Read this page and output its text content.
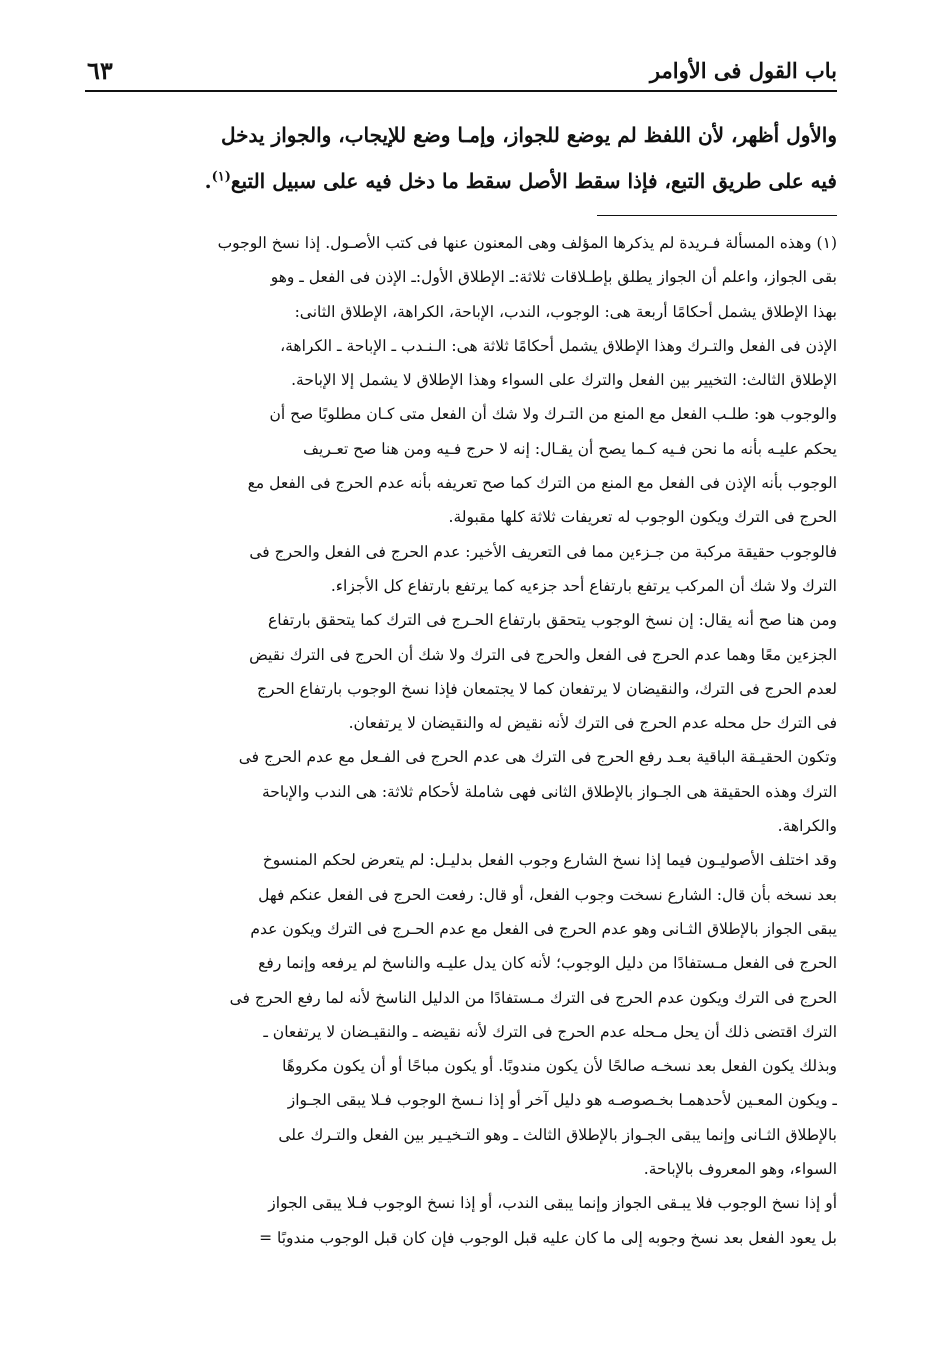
باب القول فى الأوامر
٦٣
والأول أظهر، لأن اللفظ لم يوضع للجواز، وإمـا وضع للإيجاب، والجواز يدخل
فيه على طريق التبع، فإذا سقط الأصل سقط ما دخل فيه على سبيل التبع$^{(١)}$.
(١) وهذه المسألة فـريدة لم يذكرها المؤلف وهى المعنون عنها فى كتب الأصـول. إذا نسخ الوجوب
بقى الجواز، واعلم أن الجواز يطلق بإطـلاقات ثلاثة:ـ الإطلاق الأول:ـ الإذن فى الفعل ـ وهو
بهذا الإطلاق يشمل أحكامًا أربعة هى: الوجوب، الندب، الإباحة، الكراهة، الإطلاق الثانى:
الإذن فى الفعل والتـرك وهذا الإطلاق يشمل أحكامًا ثلاثة هى: الـنـدب ـ الإباحة ـ الكراهة،
الإطلاق الثالث: التخيير بين الفعل والترك على السواء وهذا الإطلاق لا يشمل إلا الإباحة.
والوجوب هو: طلـب الفعل مع المنع من التـرك ولا شك أن الفعل متى كـان مطلوبًا صح أن
يحكم عليـه بأنه ما نحن فـيه كـما يصح أن يقـال: إنه لا حرج فـيه ومن هنا صح تعـريف
الوجوب بأنه الإذن فى الفعل مع المنع من الترك كما صح تعريفه بأنه عدم الحرج فى الفعل مع
الحرج فى الترك ويكون الوجوب له تعريفات ثلاثة كلها مقبولة.
فالوجوب حقيقة مركبة من جـزءين مما فى التعريف الأخير: عدم الحرج فى الفعل والحرج فى
الترك ولا شك أن المركب يرتفع بارتفاع أحد جزءيه كما يرتفع بارتفاع كل الأجزاء.
ومن هنا صح أنه يقال: إن نسخ الوجوب يتحقق بارتفاع الحـرج فى الترك كما يتحقق بارتفاع
الجزءين معًا وهما عدم الحرج فى الفعل والحرج فى الترك ولا شك أن الحرج فى الترك نقيض
لعدم الحرج فى الترك، والنقيضان لا يرتفعان كما لا يجتمعان فإذا نسخ الوجوب بارتفاع الحرج
فى الترك حل محله عدم الحرج فى الترك لأنه نقيض له والنقيضان لا يرتفعان.
وتكون الحقيـقة الباقية بعـد رفع الحرج فى الترك هى عدم الحرج فى الفـعل مع عدم الحرج فى
الترك وهذه الحقيقة هى الجـواز بالإطلاق الثانى فهى شاملة لأحكام ثلاثة: هى الندب والإباحة
والكراهة.
وقد اختلف الأصوليـون فيما إذا نسخ الشارع وجوب الفعل بدليـل: لم يتعرض لحكم المنسوخ
بعد نسخه بأن قال: الشارع نسخت وجوب الفعل، أو قال: رفعت الحرج فى الفعل عنكم فهل
يبقى الجواز بالإطلاق الثـانى وهو عدم الحرج فى الفعل مع عدم الحـرج فى الترك ويكون عدم
الحرج فى الفعل مـستفادًا من دليل الوجوب؛ لأنه كان يدل عليـه والناسخ لم يرفعه وإنما رفع
الحرج فى الترك ويكون عدم الحرج فى الترك مـستفادًا من الدليل الناسخ لأنه لما رفع الحرج فى
الترك اقتضى ذلك أن يحل مـحله عدم الحرج فى الترك لأنه نقيضه ـ والنقيـضان لا يرتفعان ـ
وبذلك يكون الفعل بعد نسخـه صالحًا لأن يكون مندوبًا. أو يكون مباحًا أو أن يكون مكروهًا
ـ ويكون المعـين لأحدهمـا بخـصوصـه هو دليل آخر أو إذا نـسخ الوجوب فـلا يبقى الجـواز
بالإطلاق الثـانى وإنما يبقى الجـواز بالإطلاق الثالث ـ وهو التـخيـير بين الفعل والتـرك على
السواء، وهو المعروف بالإباحة.
أو إذا نسخ الوجوب فلا يبـقى الجواز وإنما يبقى الندب، أو إذا نسخ الوجوب فـلا يبقى الجواز
بل يعود الفعل بعد نسخ وجوبه إلى ما كان عليه قبل الوجوب فإن كان قبل الوجوب مندوبًا =
